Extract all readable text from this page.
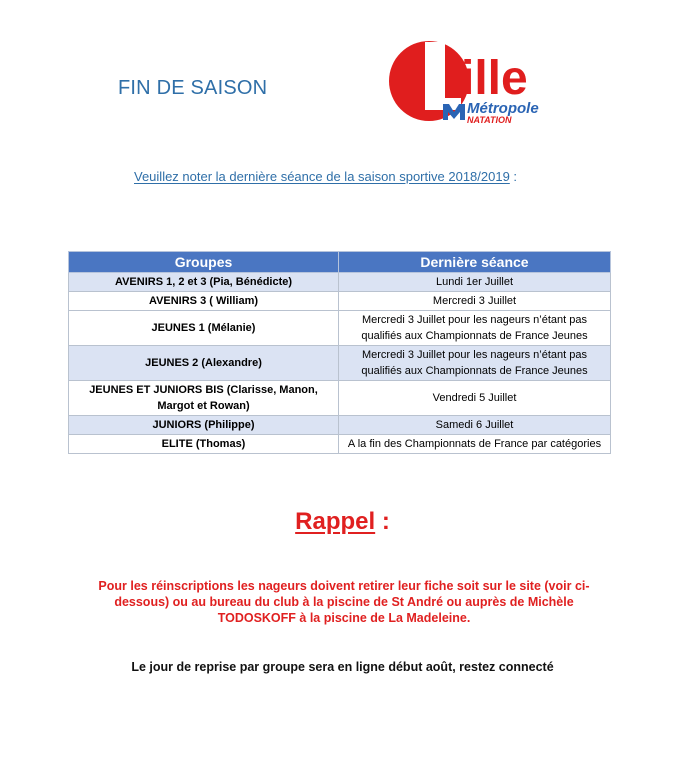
FIN DE SAISON	ille
Métropole
NATATION
Veuillez noter la dernière séance de la saison sportive 2018/2019 :
Groupes	Dernière séance
AVENIRS 1, 2 et 3 (Pia, Bénédicte)	Lundi 1er Juillet
AVENIRS 3 ( William)	Mercredi 3 Juillet
JEUNES 1 (Mélanie)	Mercredi 3 Juillet pour les nageurs n’étant pas qualifiés aux Championnats de France Jeunes
JEUNES 2 (Alexandre)	Mercredi 3 Juillet pour les nageurs n’étant pas qualifiés aux Championnats de France Jeunes
JEUNES ET JUNIORS BIS (Clarisse, Manon, Margot et Rowan)	Vendredi 5 Juillet
JUNIORS (Philippe)	Samedi 6 Juillet
ELITE (Thomas)	A la fin des Championnats de France par catégories
Rappel :
Pour les réinscriptions les nageurs doivent retirer leur fiche soit sur le site (voir ci-dessous) ou au bureau du club à la piscine de St André ou auprès de Michèle TODOSKOFF à la piscine de La Madeleine.
Le jour de reprise par groupe sera en ligne début août, restez connecté
